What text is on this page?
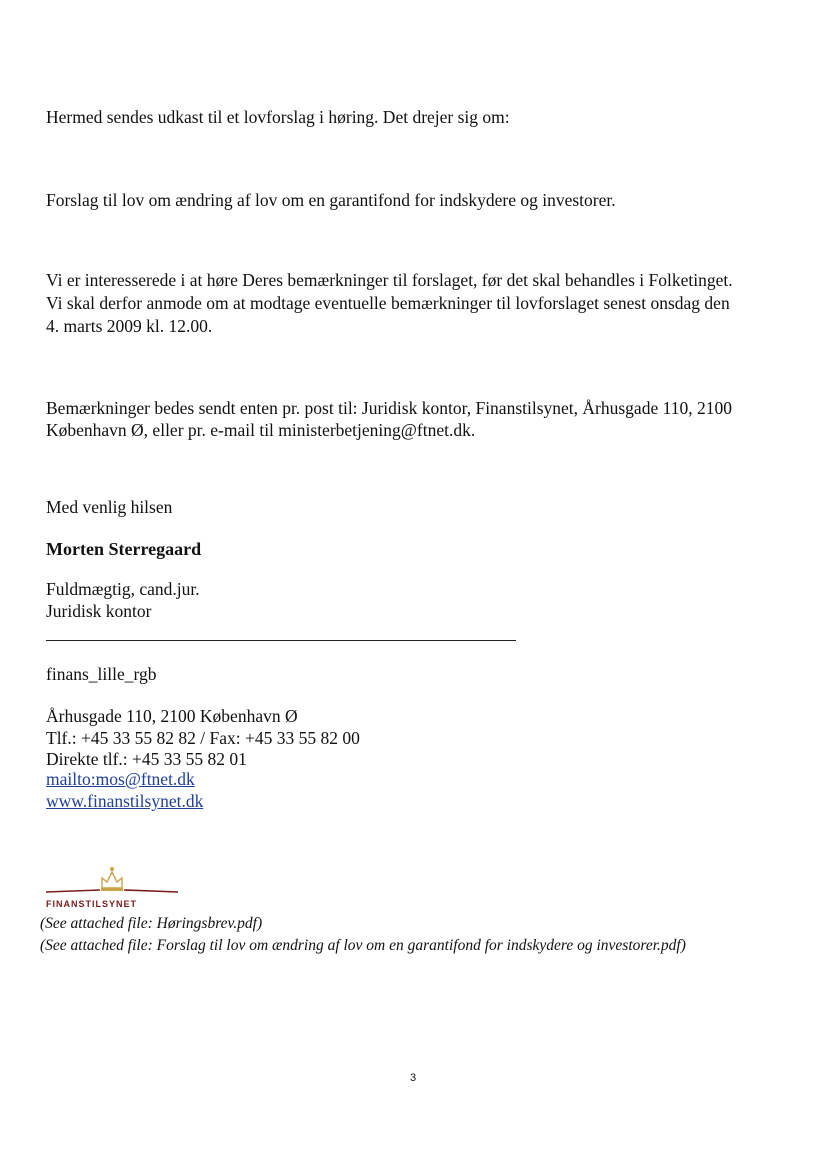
Hermed sendes udkast til et lovforslag i høring. Det drejer sig om:
Forslag til lov om ændring af lov om en garantifond for indskydere og investorer.
Vi er interesserede i at høre Deres bemærkninger til forslaget, før det skal behandles i Folketinget.
Vi skal derfor anmode om at modtage eventuelle bemærkninger til lovforslaget senest onsdag den
4. marts 2009 kl. 12.00.
Bemærkninger bedes sendt enten pr. post til: Juridisk kontor, Finanstilsynet, Århusgade 110, 2100
København Ø, eller pr. e-mail til ministerbetjening@ftnet.dk.
Med venlig hilsen
Morten Sterregaard
Fuldmægtig, cand.jur.
Juridisk kontor
finans_lille_rgb
Århusgade 110, 2100 København Ø
Tlf.: +45 33 55 82 82 / Fax: +45 33 55 82 00
Direkte tlf.: +45 33 55 82 01
mailto:mos@ftnet.dk
www.finanstilsynet.dk
FINANSTILSYNET
(See attached file: Høringsbrev.pdf)
(See attached file: Forslag til lov om ændring af lov om en garantifond for indskydere og investorer.pdf)
3
